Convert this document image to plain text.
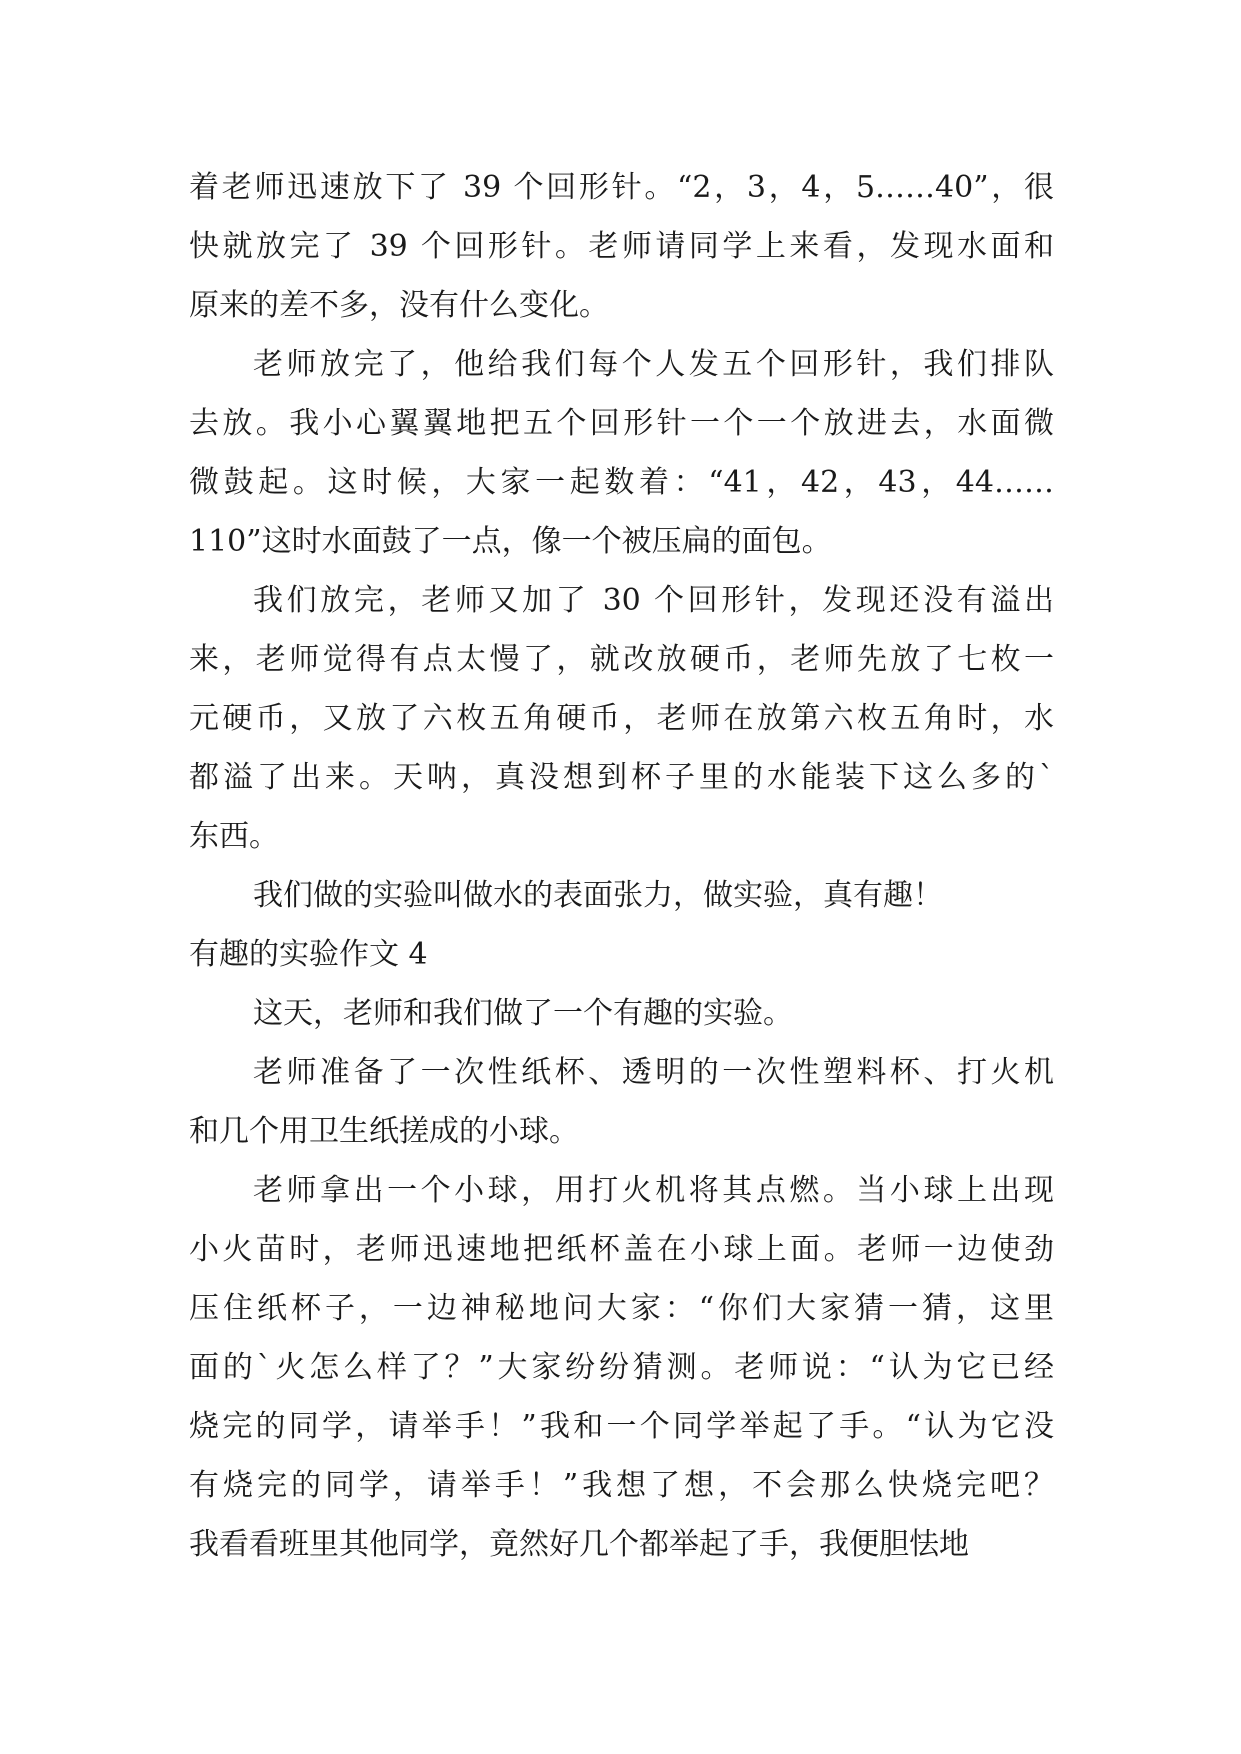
着老师迅速放下了 39 个回形针。“2，3，4，5……40”，很
快就放完了 39 个回形针。老师请同学上来看，发现水面和
原来的差不多，没有什么变化。
老师放完了，他给我们每个人发五个回形针，我们排队
去放。我小心翼翼地把五个回形针一个一个放进去，水面微
微鼓起。这时候，大家一起数着：“41，42，43，44……
110”这时水面鼓了一点，像一个被压扁的面包。
我们放完，老师又加了 30 个回形针，发现还没有溢出
来，老师觉得有点太慢了，就改放硬币，老师先放了七枚一
元硬币，又放了六枚五角硬币，老师在放第六枚五角时，水
都溢了出来。天呐，真没想到杯子里的水能装下这么多的`
东西。
我们做的实验叫做水的表面张力，做实验，真有趣！
有趣的实验作文 4
这天，老师和我们做了一个有趣的实验。
老师准备了一次性纸杯、透明的一次性塑料杯、打火机
和几个用卫生纸搓成的小球。
老师拿出一个小球，用打火机将其点燃。当小球上出现
小火苗时，老师迅速地把纸杯盖在小球上面。老师一边使劲
压住纸杯子，一边神秘地问大家：“你们大家猜一猜，这里
面的`火怎么样了？”大家纷纷猜测。老师说：“认为它已经
烧完的同学，请举手！”我和一个同学举起了手。“认为它没
有烧完的同学，请举手！”我想了想，不会那么快烧完吧？
我看看班里其他同学，竟然好几个都举起了手，我便胆怯地
